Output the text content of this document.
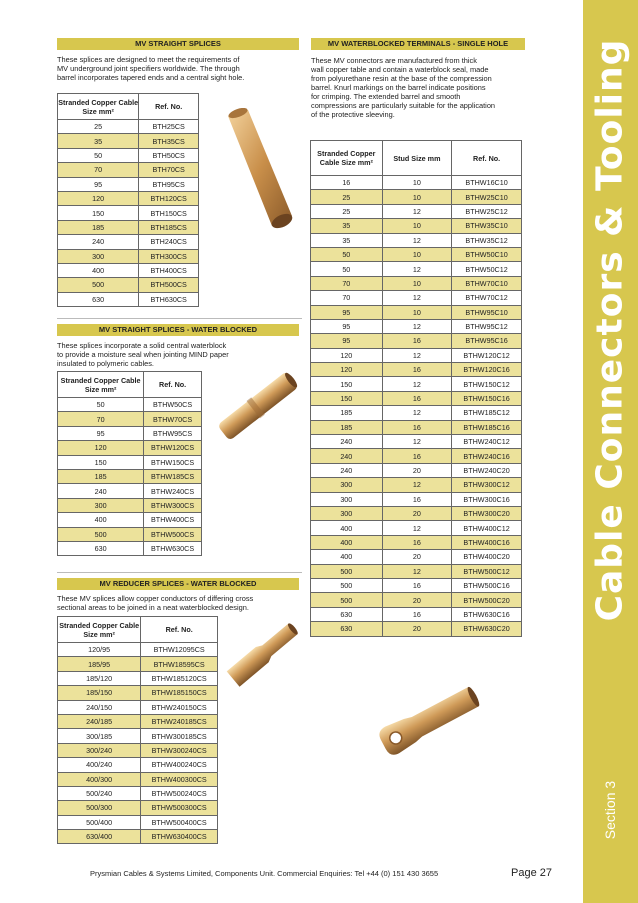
Cable Connectors & Tooling
Section 3
MV STRAIGHT SPLICES
These splices are designed to meet the requirements of
MV underground joint specifiers worldwide. The through
barrel incorporates tapered ends and a central sight hole.
Stranded Copper Cable Size mm²	Ref. No.
25	BTH25CS
35	BTH35CS
50	BTH50CS
70	BTH70CS
95	BTH95CS
120	BTH120CS
150	BTH150CS
185	BTH185CS
240	BTH240CS
300	BTH300CS
400	BTH400CS
500	BTH500CS
630	BTH630CS
MV STRAIGHT SPLICES - WATER BLOCKED
These splices incorporate a solid central waterblock
to provide a moisture seal when jointing MIND paper
insulated to polymeric cables.
Stranded Copper Cable Size mm²	Ref. No.
50	BTHW50CS
70	BTHW70CS
95	BTHW95CS
120	BTHW120CS
150	BTHW150CS
185	BTHW185CS
240	BTHW240CS
300	BTHW300CS
400	BTHW400CS
500	BTHW500CS
630	BTHW630CS
MV REDUCER SPLICES - WATER BLOCKED
These MV splices allow copper conductors of differing cross
sectional areas to be joined in a neat waterblocked design.
Stranded Copper Cable Size mm²	Ref. No.
120/95	BTHW12095CS
185/95	BTHW18595CS
185/120	BTHW185120CS
185/150	BTHW185150CS
240/150	BTHW240150CS
240/185	BTHW240185CS
300/185	BTHW300185CS
300/240	BTHW300240CS
400/240	BTHW400240CS
400/300	BTHW400300CS
500/240	BTHW500240CS
500/300	BTHW500300CS
500/400	BTHW500400CS
630/400	BTHW630400CS
MV WATERBLOCKED TERMINALS - SINGLE HOLE
These MV connectors are manufactured from thick
wall copper table and contain a waterblock seal, made
from polyurethane resin at the base of the compression
barrel. Knurl markings on the barrel indicate positions
for crimping. The extended barrel and smooth
compressions are particularly suitable for the application
of the protective sleeving.
Stranded Copper Cable Size mm²	Stud Size mm	Ref. No.
16	10	BTHW16C10
25	10	BTHW25C10
25	12	BTHW25C12
35	10	BTHW35C10
35	12	BTHW35C12
50	10	BTHW50C10
50	12	BTHW50C12
70	10	BTHW70C10
70	12	BTHW70C12
95	10	BTHW95C10
95	12	BTHW95C12
95	16	BTHW95C16
120	12	BTHW120C12
120	16	BTHW120C16
150	12	BTHW150C12
150	16	BTHW150C16
185	12	BTHW185C12
185	16	BTHW185C16
240	12	BTHW240C12
240	16	BTHW240C16
240	20	BTHW240C20
300	12	BTHW300C12
300	16	BTHW300C16
300	20	BTHW300C20
400	12	BTHW400C12
400	16	BTHW400C16
400	20	BTHW400C20
500	12	BTHW500C12
500	16	BTHW500C16
500	20	BTHW500C20
630	16	BTHW630C16
630	20	BTHW630C20
Prysmian Cables & Systems Limited, Components Unit. Commercial Enquiries: Tel +44 (0) 151 430 3655	Page 27
